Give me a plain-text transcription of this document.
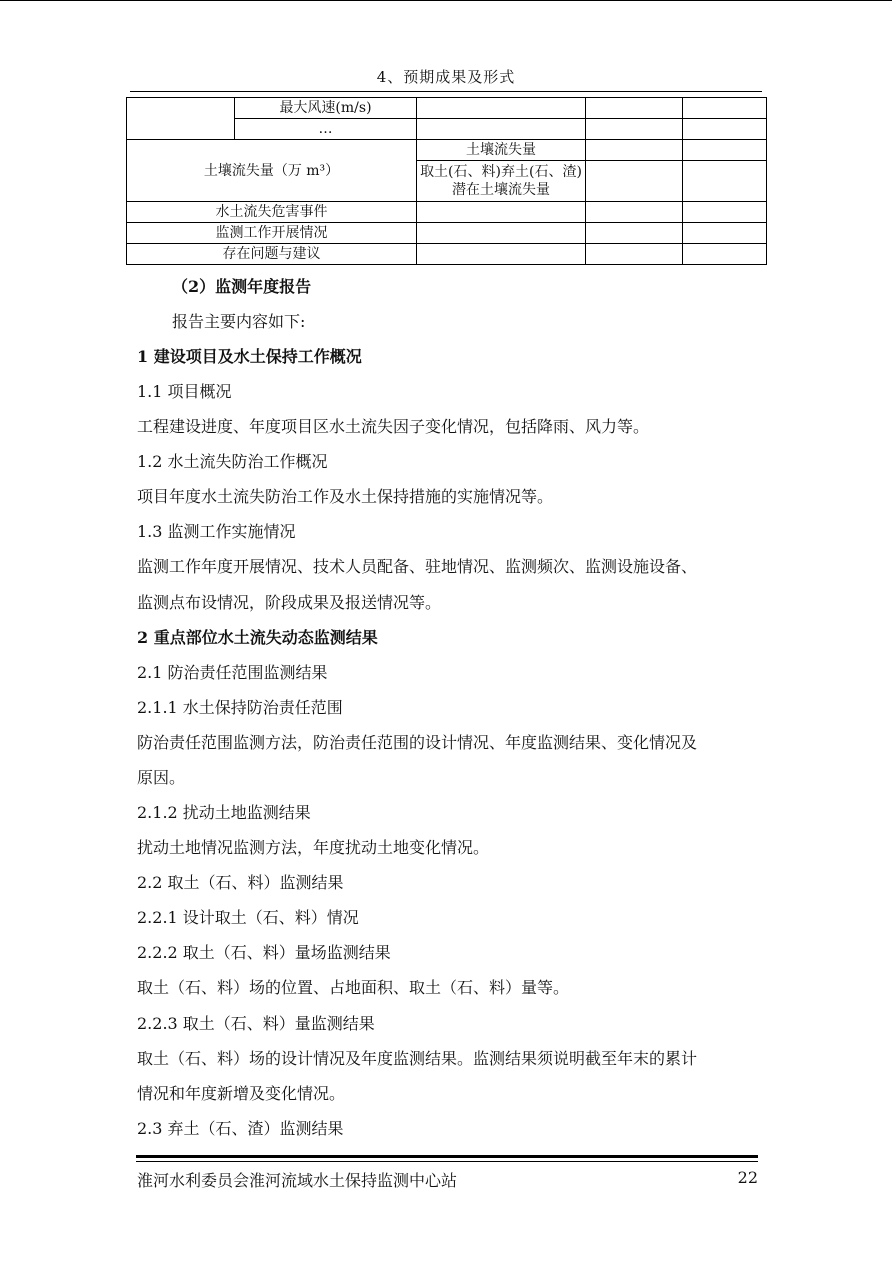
4、预期成果及形式
	最大风速(m/s)			
	…			
土壤流失量（万 m³）		土壤流失量		
		取土(石、料)弃土(石、渣) 潜在土壤流失量		
水土流失危害事件				
监测工作开展情况				
存在问题与建议				
（2）监测年度报告
报告主要内容如下:
1 建设项目及水土保持工作概况
1.1 项目概况
工程建设进度、年度项目区水土流失因子变化情况，包括降雨、风力等。
1.2 水土流失防治工作概况
项目年度水土流失防治工作及水土保持措施的实施情况等。
1.3 监测工作实施情况
监测工作年度开展情况、技术人员配备、驻地情况、监测频次、监测设施设备、
监测点布设情况，阶段成果及报送情况等。
2 重点部位水土流失动态监测结果
2.1 防治责任范围监测结果
2.1.1 水土保持防治责任范围
防治责任范围监测方法，防治责任范围的设计情况、年度监测结果、变化情况及
原因。
2.1.2 扰动土地监测结果
扰动土地情况监测方法，年度扰动土地变化情况。
2.2 取土（石、料）监测结果
2.2.1 设计取土（石、料）情况
2.2.2 取土（石、料）量场监测结果
取土（石、料）场的位置、占地面积、取土（石、料）量等。
2.2.3 取土（石、料）量监测结果
取土（石、料）场的设计情况及年度监测结果。监测结果须说明截至年末的累计
情况和年度新增及变化情况。
2.3 弃土（石、渣）监测结果
淮河水利委员会淮河流域水土保持监测中心站	22
